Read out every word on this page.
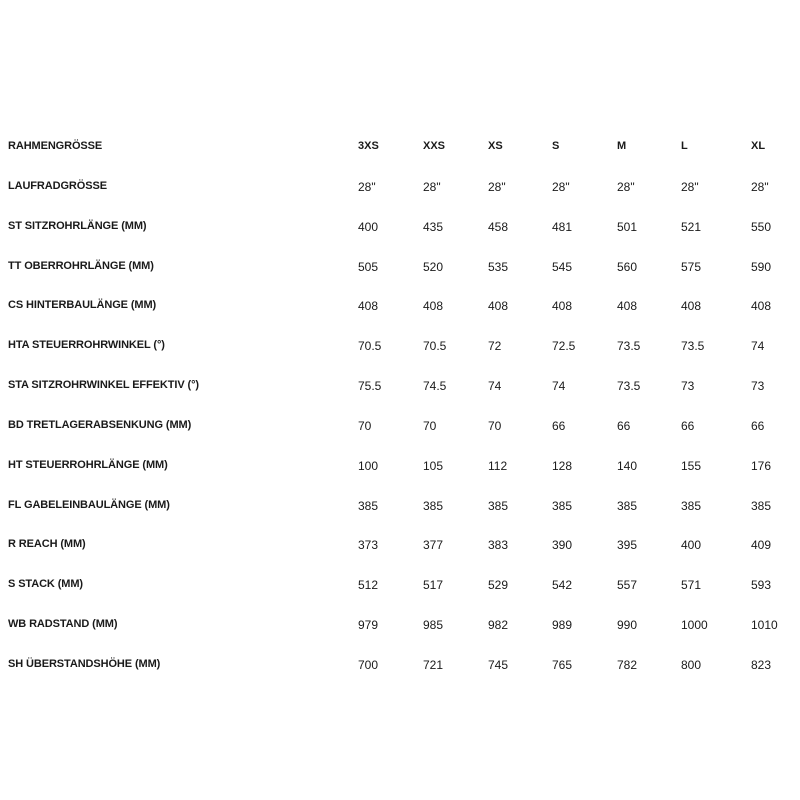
RAHMENGRÖSSE	3XS	XXS	XS	S	M	L	XL
LAUFRADGRÖSSE	28"	28"	28"	28"	28"	28"	28"
ST SITZROHRLÄNGE (MM)	400	435	458	481	501	521	550
TT OBERROHRLÄNGE (MM)	505	520	535	545	560	575	590
CS HINTERBAULÄNGE (MM)	408	408	408	408	408	408	408
HTA STEUERROHRWINKEL (°)	70.5	70.5	72	72.5	73.5	73.5	74
STA SITZROHRWINKEL EFFEKTIV (°)	75.5	74.5	74	74	73.5	73	73
BD TRETLAGERABSENKUNG (MM)	70	70	70	66	66	66	66
HT STEUERROHRLÄNGE (MM)	100	105	112	128	140	155	176
FL GABELEINBAULÄNGE (MM)	385	385	385	385	385	385	385
R REACH (MM)	373	377	383	390	395	400	409
S STACK (MM)	512	517	529	542	557	571	593
WB RADSTAND (MM)	979	985	982	989	990	1000	1010
SH ÜBERSTANDSHÖHE (MM)	700	721	745	765	782	800	823
